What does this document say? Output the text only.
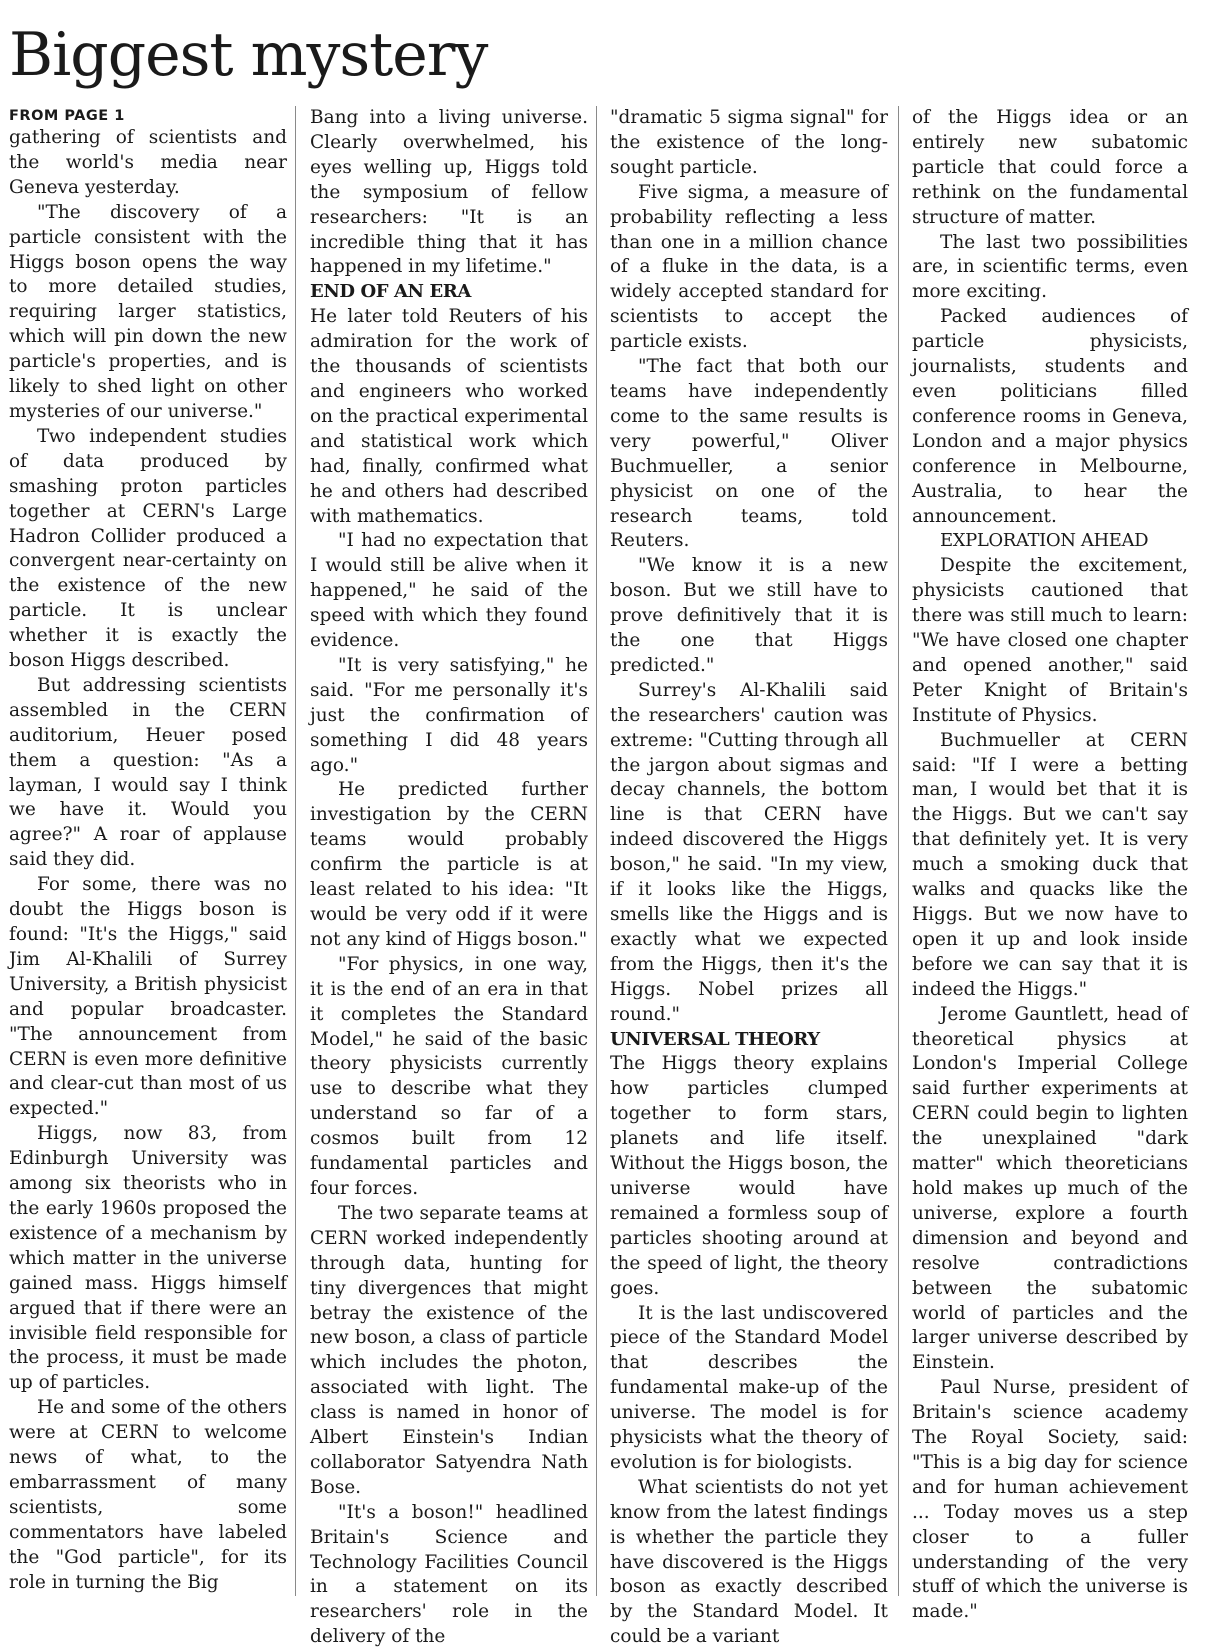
Biggest mystery
FROM PAGE 1

gathering of scientists and the world's media near Geneva yesterday.

"The discovery of a particle consistent with the Higgs boson opens the way to more detailed studies, requiring larger statistics, which will pin down the new particle's properties, and is likely to shed light on other mysteries of our universe."

Two independent studies of data produced by smashing proton particles together at CERN's Large Hadron Collider produced a convergent near-certainty on the existence of the new particle. It is unclear whether it is exactly the boson Higgs described.

But addressing scientists assembled in the CERN auditorium, Heuer posed them a question: "As a layman, I would say I think we have it. Would you agree?" A roar of applause said they did.

For some, there was no doubt the Higgs boson is found: "It's the Higgs," said Jim Al-Khalili of Surrey University, a British physicist and popular broadcaster. "The announcement from CERN is even more definitive and clear-cut than most of us expected."

Higgs, now 83, from Edinburgh University was among six theorists who in the early 1960s proposed the existence of a mechanism by which matter in the universe gained mass. Higgs himself argued that if there were an invisible field responsible for the process, it must be made up of particles.

He and some of the others were at CERN to welcome news of what, to the embarrassment of many scientists, some commentators have labeled the "God particle", for its role in turning the Big

Bang into a living universe. Clearly overwhelmed, his eyes welling up, Higgs told the symposium of fellow researchers: "It is an incredible thing that it has happened in my lifetime."

END OF AN ERA

He later told Reuters of his admiration for the work of the thousands of scientists and engineers who worked on the practical experimental and statistical work which had, finally, confirmed what he and others had described with mathematics.

"I had no expectation that I would still be alive when it happened," he said of the speed with which they found evidence.

"It is very satisfying," he said. "For me personally it's just the confirmation of something I did 48 years ago."

He predicted further investigation by the CERN teams would probably confirm the particle is at least related to his idea: "It would be very odd if it were not any kind of Higgs boson."

"For physics, in one way, it is the end of an era in that it completes the Standard Model," he said of the basic theory physicists currently use to describe what they understand so far of a cosmos built from 12 fundamental particles and four forces.

The two separate teams at CERN worked independently through data, hunting for tiny divergences that might betray the existence of the new boson, a class of particle which includes the photon, associated with light. The class is named in honor of Albert Einstein's Indian collaborator Satyendra Nath Bose.

"It's a boson!" headlined Britain's Science and Technology Facilities Council in a statement on its researchers' role in the delivery of the

"dramatic 5 sigma signal" for the existence of the long-sought particle.

Five sigma, a measure of probability reflecting a less than one in a million chance of a fluke in the data, is a widely accepted standard for scientists to accept the particle exists.

"The fact that both our teams have independently come to the same results is very powerful," Oliver Buchmueller, a senior physicist on one of the research teams, told Reuters.

"We know it is a new boson. But we still have to prove definitively that it is the one that Higgs predicted."

Surrey's Al-Khalili said the researchers' caution was extreme: "Cutting through all the jargon about sigmas and decay channels, the bottom line is that CERN have indeed discovered the Higgs boson," he said. "In my view, if it looks like the Higgs, smells like the Higgs and is exactly what we expected from the Higgs, then it's the Higgs. Nobel prizes all round."

UNIVERSAL THEORY

The Higgs theory explains how particles clumped together to form stars, planets and life itself. Without the Higgs boson, the universe would have remained a formless soup of particles shooting around at the speed of light, the theory goes.

It is the last undiscovered piece of the Standard Model that describes the fundamental make-up of the universe. The model is for physicists what the theory of evolution is for biologists.

What scientists do not yet know from the latest findings is whether the particle they have discovered is the Higgs boson as exactly described by the Standard Model. It could be a variant

of the Higgs idea or an entirely new subatomic particle that could force a rethink on the fundamental structure of matter.

The last two possibilities are, in scientific terms, even more exciting.

Packed audiences of particle physicists, journalists, students and even politicians filled conference rooms in Geneva, London and a major physics conference in Melbourne, Australia, to hear the announcement.

EXPLORATION AHEAD

Despite the excitement, physicists cautioned that there was still much to learn: "We have closed one chapter and opened another," said Peter Knight of Britain's Institute of Physics.

Buchmueller at CERN said: "If I were a betting man, I would bet that it is the Higgs. But we can't say that definitely yet. It is very much a smoking duck that walks and quacks like the Higgs. But we now have to open it up and look inside before we can say that it is indeed the Higgs."

Jerome Gauntlett, head of theoretical physics at London's Imperial College said further experiments at CERN could begin to lighten the unexplained "dark matter" which theoreticians hold makes up much of the universe, explore a fourth dimension and beyond and resolve contradictions between the subatomic world of particles and the larger universe described by Einstein.

Paul Nurse, president of Britain's science academy The Royal Society, said: "This is a big day for science and for human achievement ... Today moves us a step closer to a fuller understanding of the very stuff of which the universe is made."
